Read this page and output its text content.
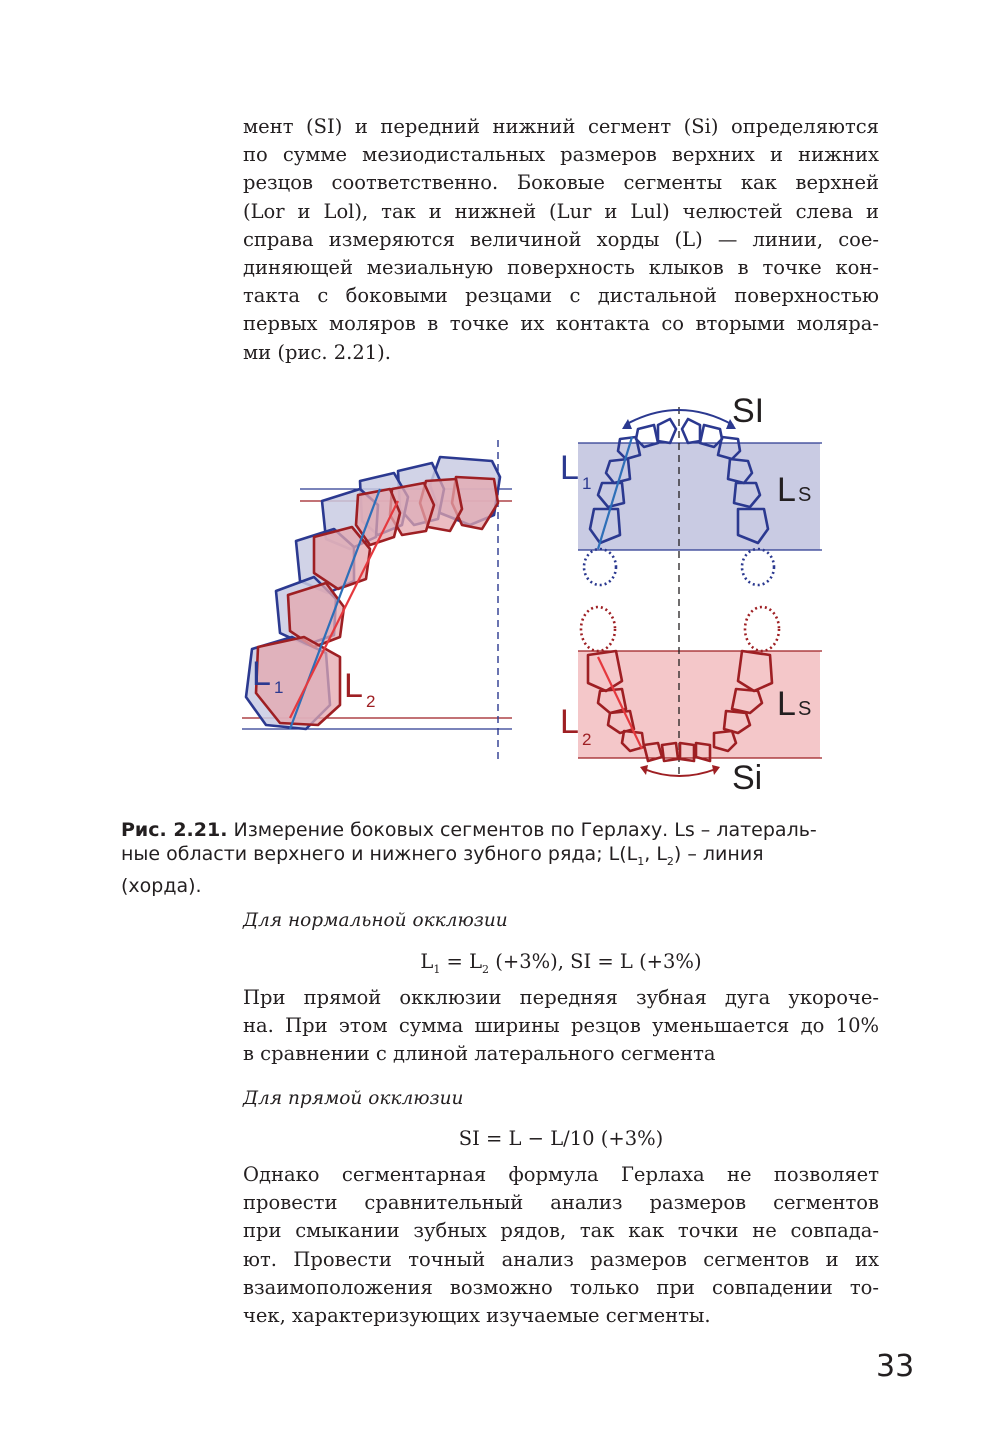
мент (SI) и передний нижний сегмент (Si) определяются
по сумме мезиодистальных размеров верхних и нижних
резцов соответственно. Боковые сегменты как верхней
(Lor и Lol), так и нижней (Lur и Lul) челюстей слева и
справа измеряются величиной хорды (L) — линии, сое-
диняющей мезиальную поверхность клыков в точке кон-
такта с боковыми резцами с дистальной поверхностью
первых моляров в точке их контакта со вторыми моляра-
ми (рис. 2.21).
L 1 L 2
SI
L 1	L S
L S
L 2
Si
Рис. 2.21. Измерение боковых сегментов по Герлаху. Ls – латераль-
ные области верхнего и нижнего зубного ряда; $L(L_1$, $L_2$) – линия
(хорда).

Для нормальной окклюзии

$L_1 = L_2$ (+3%), SI = L (+3%)

При прямой окклюзии передняя зубная дуга укороче-
на. При этом сумма ширины резцов уменьшается до 10%
в сравнении с длиной латерального сегмента

Для прямой окклюзии

SI = L − L/10 (+3%)

Однако сегментарная формула Герлаха не позволяет
провести сравнительный анализ размеров сегментов
при смыкании зубных рядов, так как точки не совпада-
ют. Провести точный анализ размеров сегментов и их
взаимоположения возможно только при совпадении то-
чек, характеризующих изучаемые сегменты.
33
